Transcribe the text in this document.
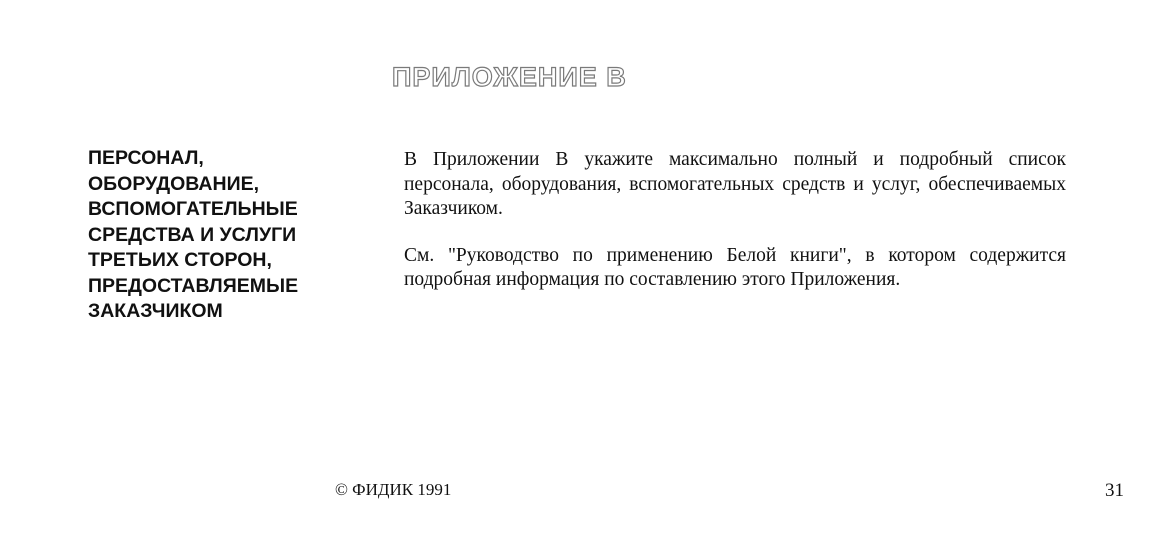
ПРИЛОЖЕНИЕ В
ПЕРСОНАЛ,
ОБОРУДОВАНИЕ,
ВСПОМОГАТЕЛЬНЫЕ
СРЕДСТВА И УСЛУГИ
ТРЕТЬИХ СТОРОН,
ПРЕДОСТАВЛЯЕМЫЕ
ЗАКАЗЧИКОМ

В Приложении В укажите максимально полный и подробный список персонала, оборудования, вспомогательных средств и услуг, обеспечиваемых Заказчиком.

См. "Руководство по применению Белой книги", в котором содержится подробная информация по составлению этого Приложения.

© ФИДИК 1991	31
